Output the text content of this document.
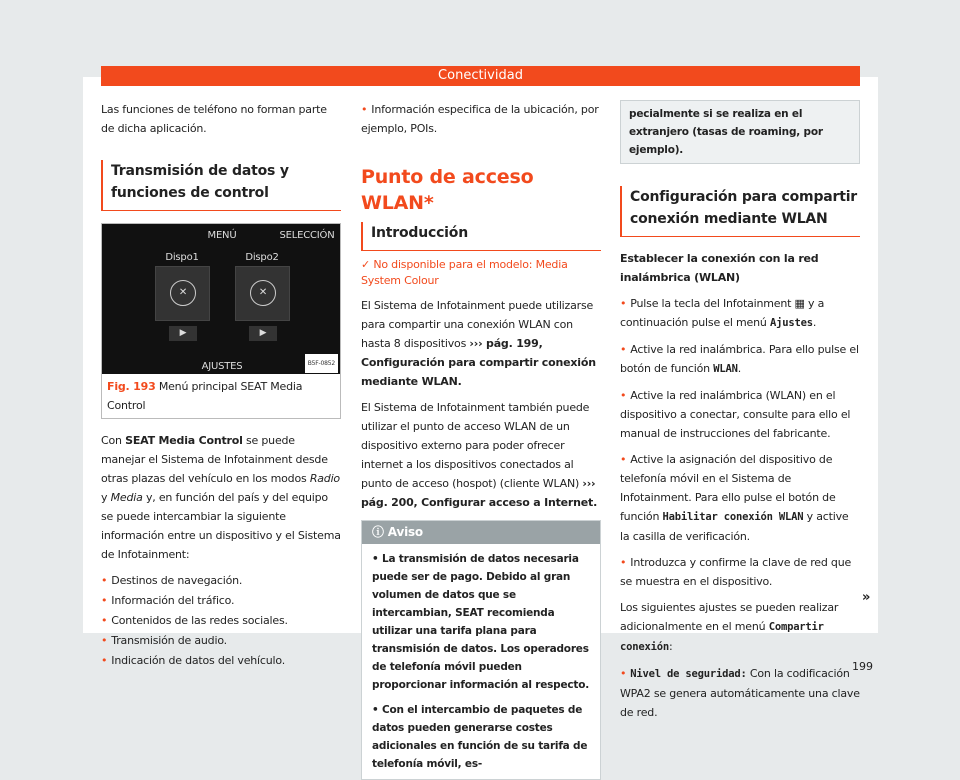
Conectividad

Las funciones de teléfono no forman parte de dicha aplicación.

Transmisión de datos y funciones de control
MENÚ	SELECCIÓN
Dispo1	Dispo2
✕	✕
▶	▶
AJUSTES	B5F-0852
Fig. 193 Menú principal SEAT Media Control

Con SEAT Media Control se puede manejar el Sistema de Infotainment desde otras plazas del vehículo en los modos Radio y Media y, en función del país y del equipo se puede intercambiar la siguiente información entre un dispositivo y el Sistema de Infotainment:

• Destinos de navegación.
• Información del tráfico.
• Contenidos de las redes sociales.
• Transmisión de audio.
• Indicación de datos del vehículo.

• Información especifica de la ubicación, por ejemplo, POIs.

Punto de acceso WLAN*
Introducción

✓ No disponible para el modelo: Media System Colour

El Sistema de Infotainment puede utilizarse para compartir una conexión WLAN con hasta 8 dispositivos ››› pág. 199, Configuración para compartir conexión mediante WLAN.

El Sistema de Infotainment también puede utilizar el punto de acceso WLAN de un dispositivo externo para poder ofrecer internet a los dispositivos conectados al punto de acceso (hospot) (cliente WLAN) ››› pág. 200, Configurar acceso a Internet.

ⓘ Aviso

• La transmisión de datos necesaria puede ser de pago. Debido al gran volumen de datos que se intercambian, SEAT recomienda utilizar una tarifa plana para transmisión de datos. Los operadores de telefonía móvil pueden proporcionar información al respecto.

• Con el intercambio de paquetes de datos pueden generarse costes adicionales en función de su tarifa de telefonía móvil, es-

pecialmente si se realiza en el extranjero (tasas de roaming, por ejemplo).
Configuración para compartir conexión mediante WLAN

Establecer la conexión con la red inalámbrica (WLAN)

• Pulse la tecla del Infotainment ▦ y a continuación pulse el menú Ajustes.

• Active la red inalámbrica. Para ello pulse el botón de función WLAN.

• Active la red inalámbrica (WLAN) en el dispositivo a conectar, consulte para ello el manual de instrucciones del fabricante.

• Active la asignación del dispositivo de telefonía móvil en el Sistema de Infotainment. Para ello pulse el botón de función Habilitar conexión WLAN y active la casilla de verificación.

• Introduzca y confirme la clave de red que se muestra en el dispositivo.

Los siguientes ajustes se pueden realizar adicionalmente en el menú Compartir conexión:

• Nivel de seguridad: Con la codificación WPA2 se genera automáticamente una clave de red.

»
199
